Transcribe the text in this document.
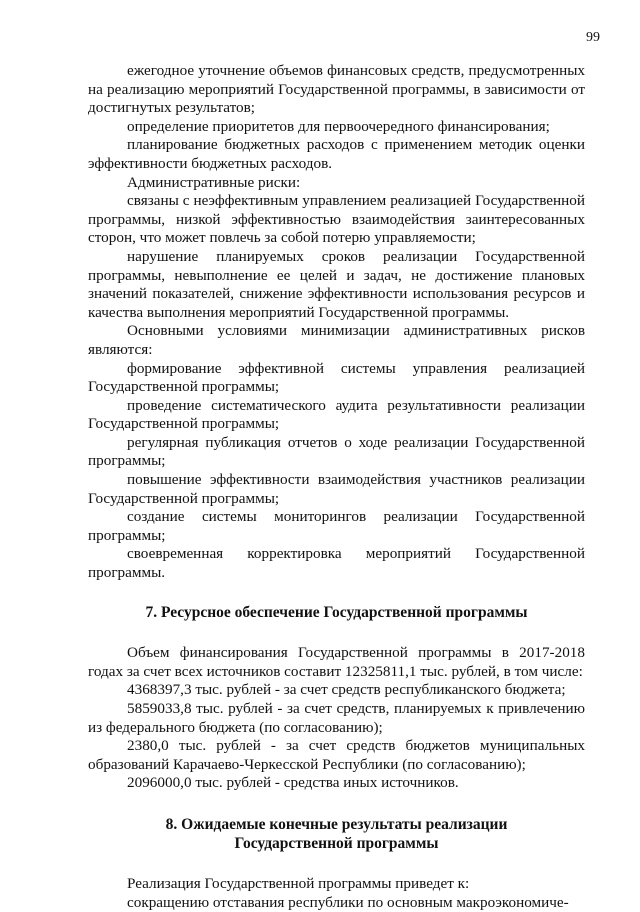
99

ежегодное уточнение объемов финансовых средств, предусмотренных на реализацию мероприятий Государственной программы, в зависимости от достигнутых результатов;

определение приоритетов для первоочередного финансирования;

планирование бюджетных расходов с применением методик оценки эффективности бюджетных расходов.

Административные риски:

связаны с неэффективным управлением реализацией Государственной программы, низкой эффективностью взаимодействия заинтересованных сторон, что может повлечь за собой потерю управляемости;

нарушение планируемых сроков реализации Государственной программы, невыполнение ее целей и задач, не достижение плановых значений показателей, снижение эффективности использования ресурсов и качества выполнения мероприятий Государственной программы.

Основными условиями минимизации административных рисков являются:

формирование эффективной системы управления реализацией Государственной программы;

проведение систематического аудита результативности реализации Государственной программы;

регулярная публикация отчетов о ходе реализации Государственной программы;

повышение эффективности взаимодействия участников реализации Государственной программы;

создание системы мониторингов реализации Государственной программы;

своевременная корректировка мероприятий Государственной программы.

7. Ресурсное обеспечение Государственной программы

Объем финансирования Государственной программы в 2017-2018 годах за счет всех источников составит 12325811,1 тыс. рублей, в том числе:

4368397,3 тыс. рублей - за счет средств республиканского бюджета;

5859033,8 тыс. рублей - за счет средств, планируемых к привлечению из федерального бюджета (по согласованию);

2380,0 тыс. рублей - за счет средств бюджетов муниципальных образований Карачаево-Черкесской Республики (по согласованию);

2096000,0 тыс. рублей - средства иных источников.

8. Ожидаемые конечные результаты реализации
Государственной программы

Реализация Государственной программы приведет к:

сокращению отставания республики по основным макроэкономиче-
